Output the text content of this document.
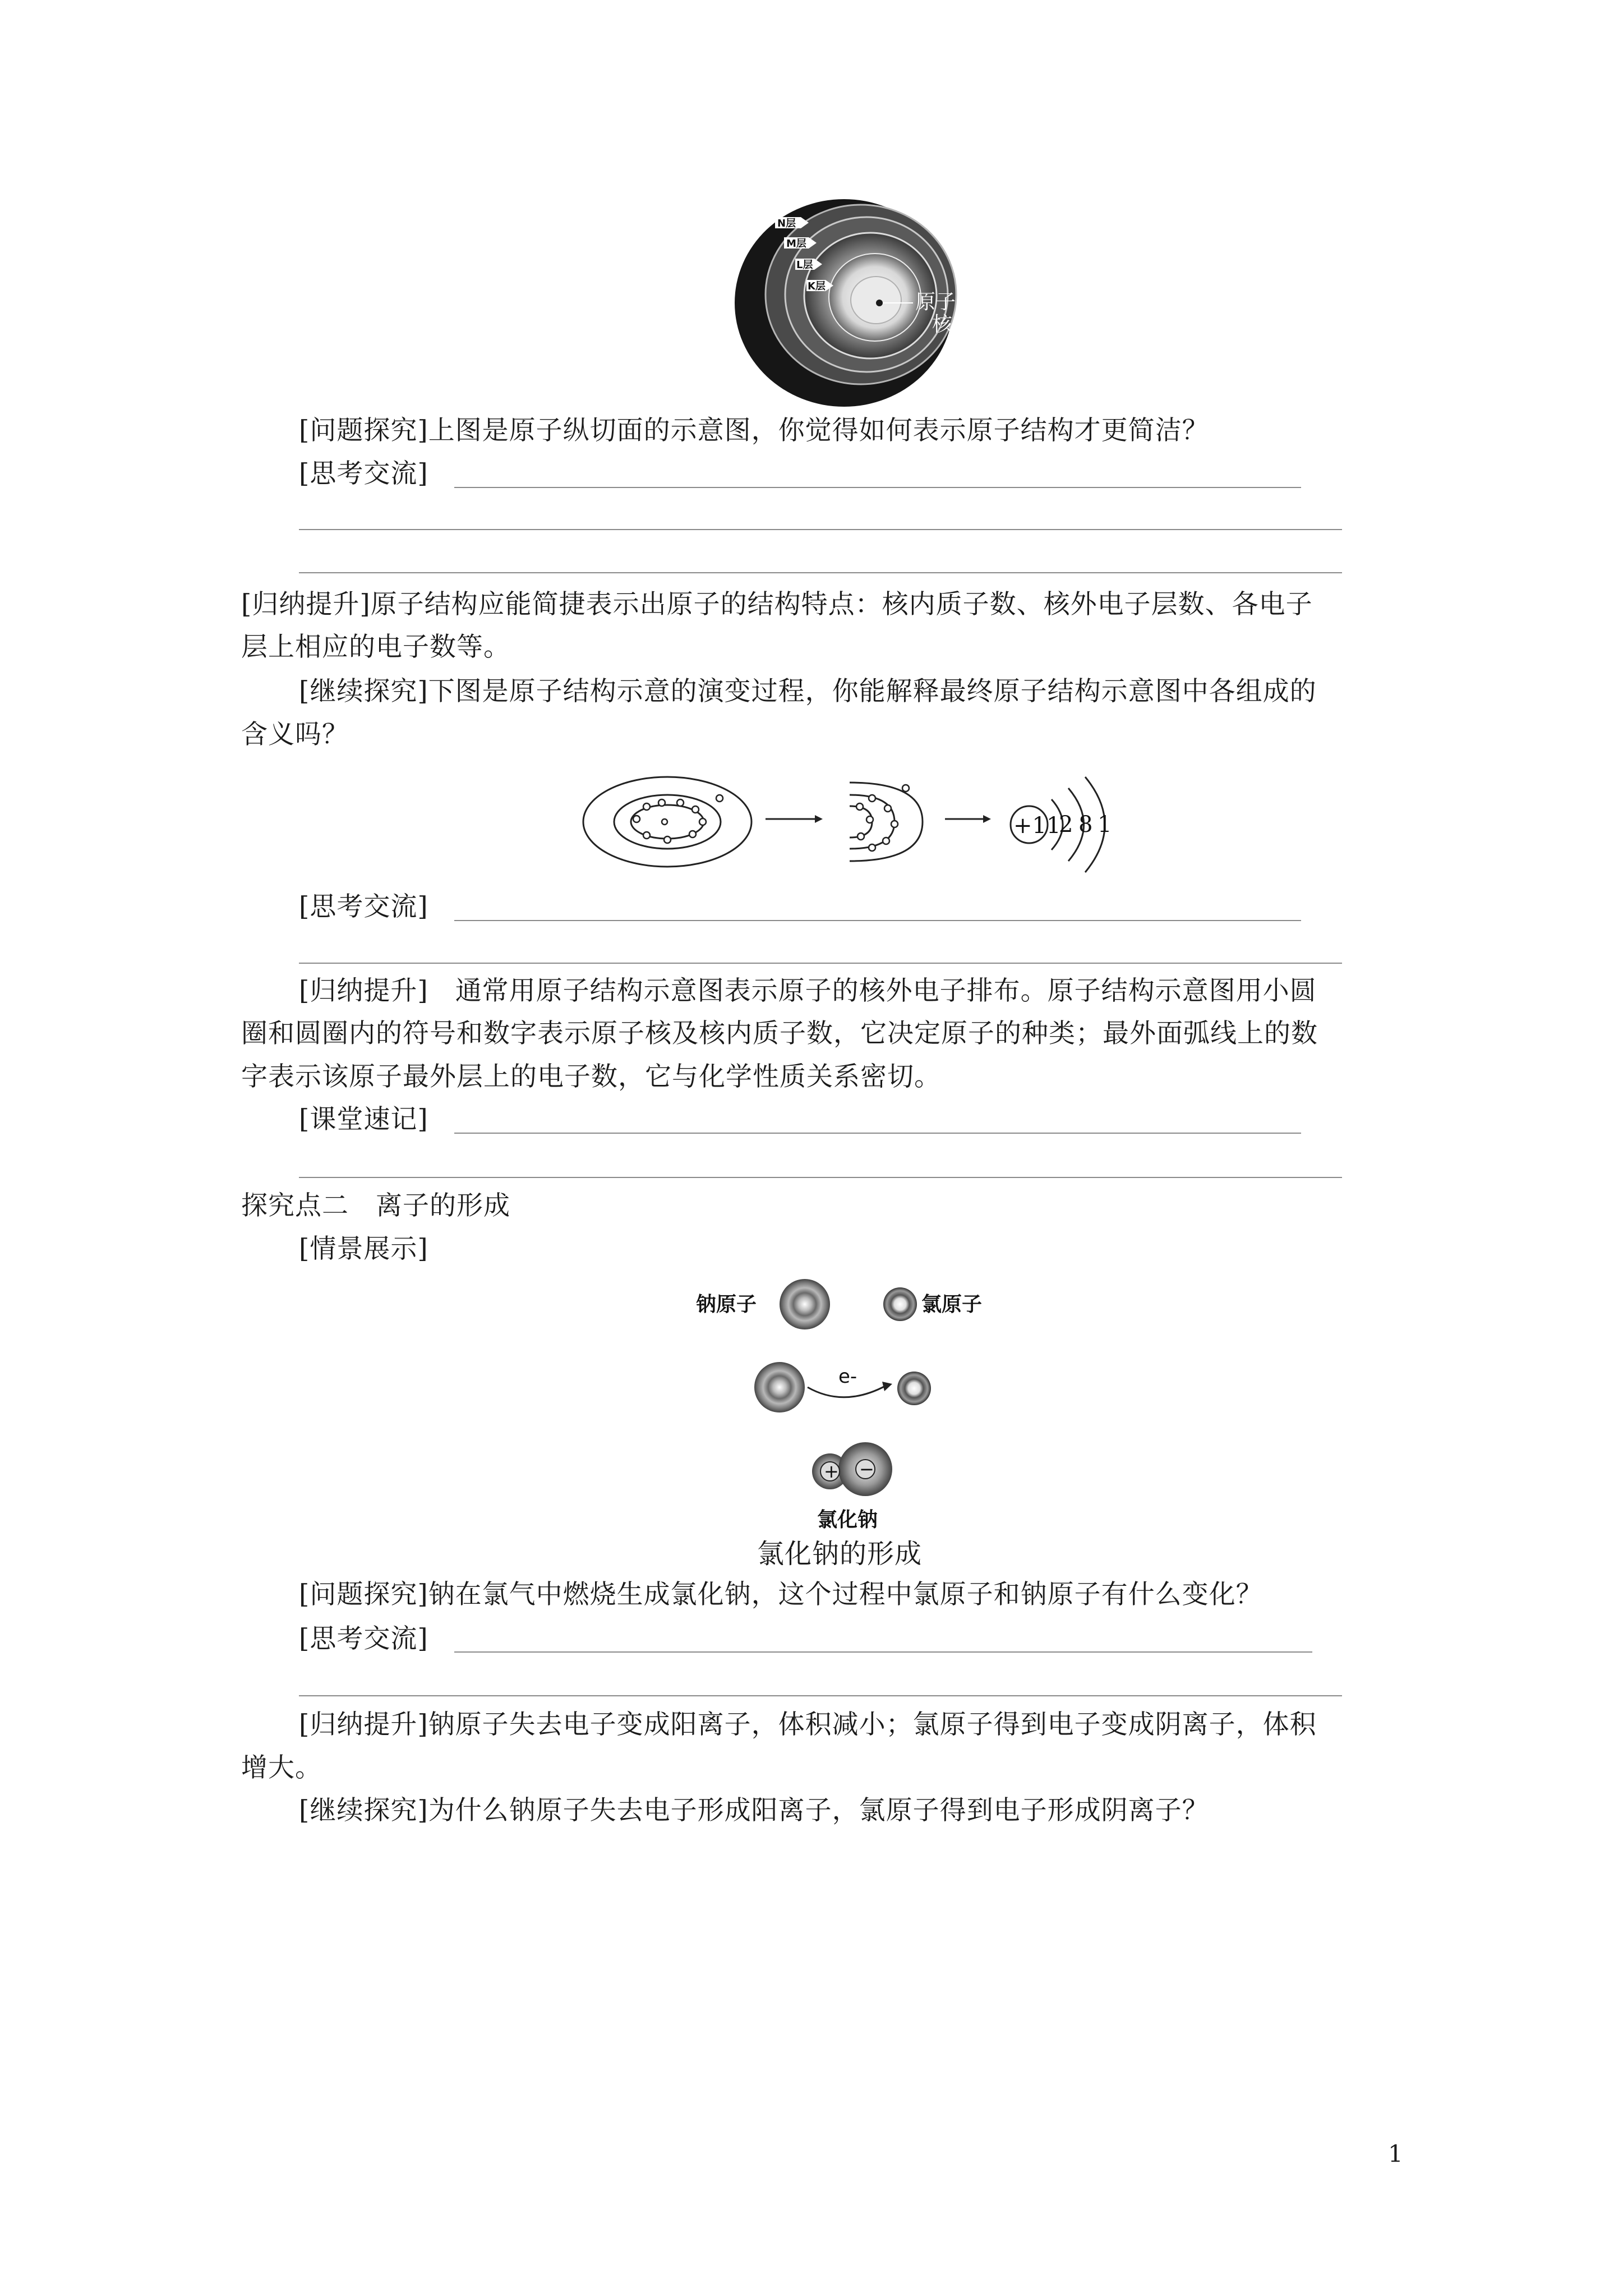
N层
M层
L层
K层
原子
核
[问题探究]上图是原子纵切面的示意图，你觉得如何表示原子结构才更简洁？
[思考交流]
[归纳提升]原子结构应能简捷表示出原子的结构特点：核内质子数、核外电子层数、各电子
层上相应的电子数等。
[继续探究]下图是原子结构示意的演变过程，你能解释最终原子结构示意图中各组成的
含义吗？
+11
2 8 1
[思考交流]
[归纳提升]  通常用原子结构示意图表示原子的核外电子排布。原子结构示意图用小圆
圈和圆圈内的符号和数字表示原子核及核内质子数，它决定原子的种类；最外面弧线上的数
字表示该原子最外层上的电子数，它与化学性质关系密切。
[课堂速记]
探究点二　离子的形成
[情景展示]
钠原子	氯原子
e-
+ −
氯化钠
氯化钠的形成
[问题探究]钠在氯气中燃烧生成氯化钠，这个过程中氯原子和钠原子有什么变化？
[思考交流]
[归纳提升]钠原子失去电子变成阳离子，体积减小；氯原子得到电子变成阴离子，体积
增大。
[继续探究]为什么钠原子失去电子形成阳离子，氯原子得到电子形成阴离子？
1
